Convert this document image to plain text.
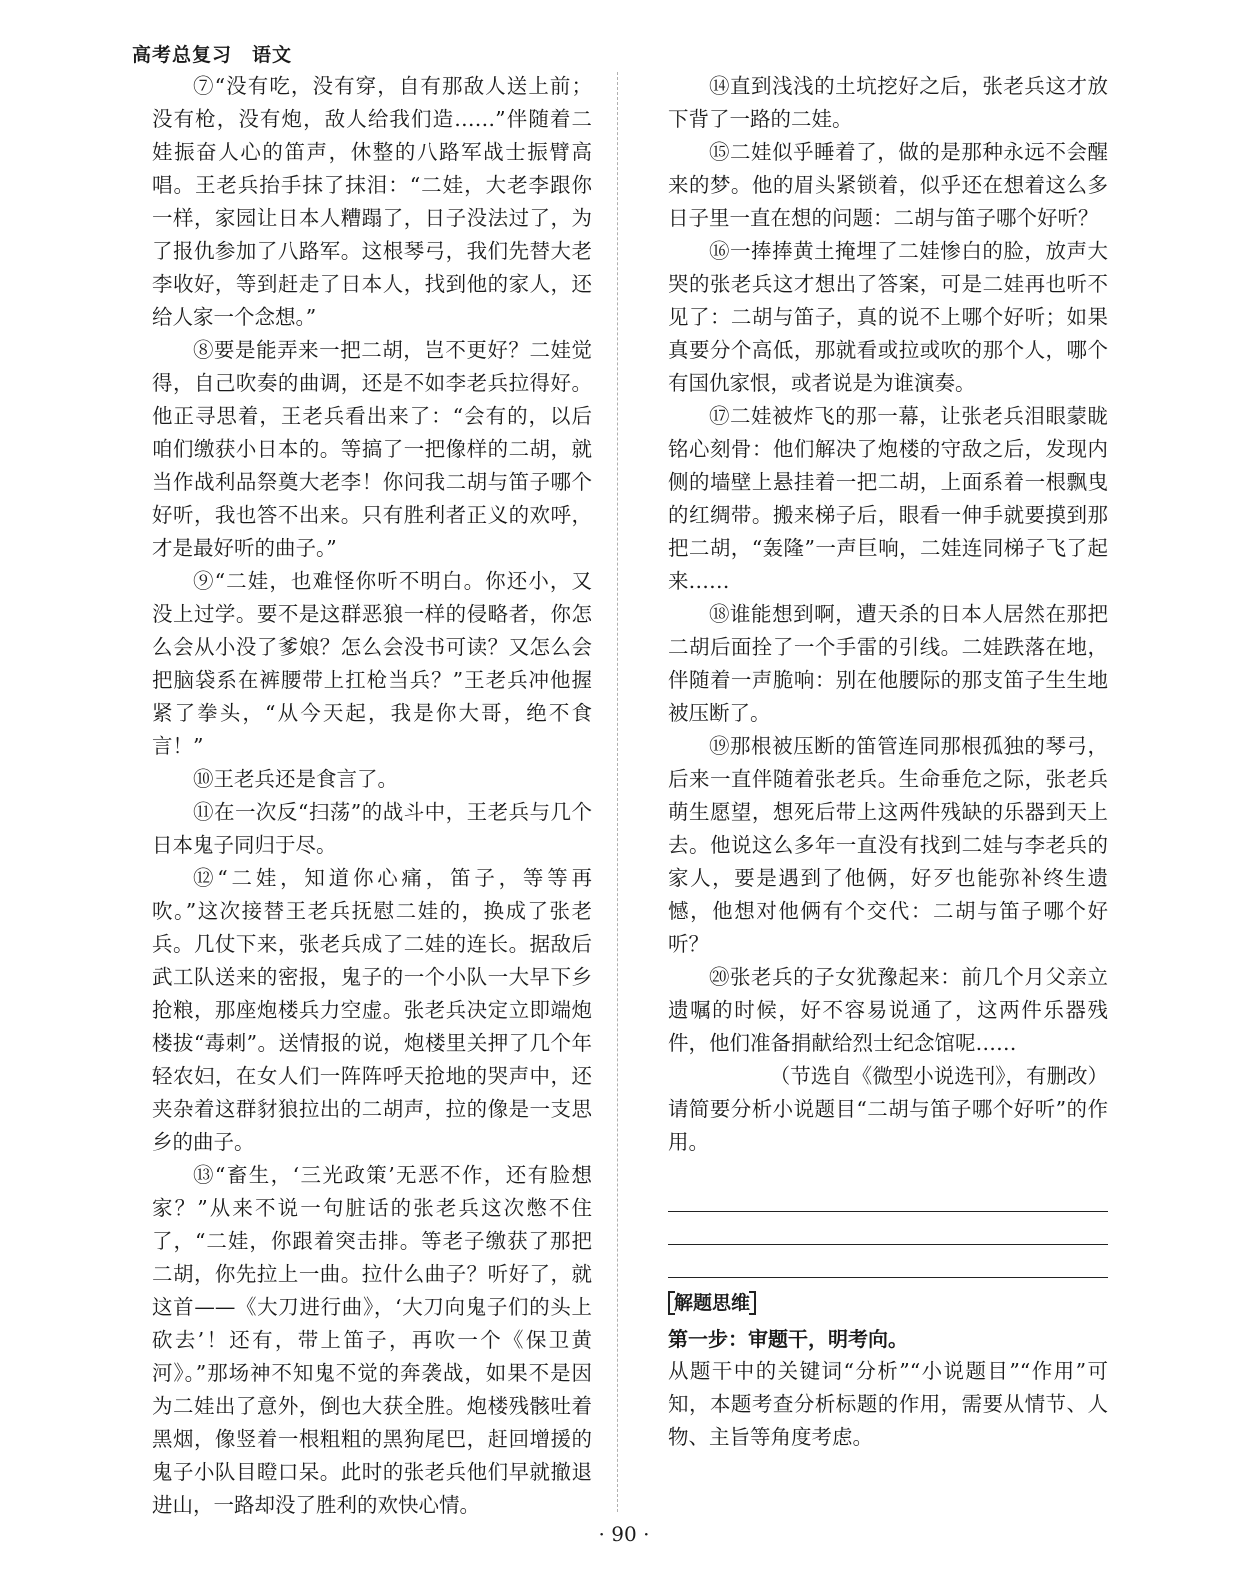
高考总复习　语文

⑦“没有吃，没有穿，自有那敌人送上前；没有枪，没有炮，敌人给我们造……”伴随着二娃振奋人心的笛声，休整的八路军战士振臂高唱。王老兵抬手抹了抹泪：“二娃，大老李跟你一样，家园让日本人糟蹋了，日子没法过了，为了报仇参加了八路军。这根琴弓，我们先替大老李收好，等到赶走了日本人，找到他的家人，还给人家一个念想。”

⑧要是能弄来一把二胡，岂不更好？二娃觉得，自己吹奏的曲调，还是不如李老兵拉得好。他正寻思着，王老兵看出来了：“会有的，以后咱们缴获小日本的。等搞了一把像样的二胡，就当作战利品祭奠大老李！你问我二胡与笛子哪个好听，我也答不出来。只有胜利者正义的欢呼，才是最好听的曲子。”

⑨“二娃，也难怪你听不明白。你还小，又没上过学。要不是这群恶狼一样的侵略者，你怎么会从小没了爹娘？怎么会没书可读？又怎么会把脑袋系在裤腰带上扛枪当兵？”王老兵冲他握紧了拳头，“从今天起，我是你大哥，绝不食言！”

⑩王老兵还是食言了。

⑪在一次反“扫荡”的战斗中，王老兵与几个日本鬼子同归于尽。

⑫“二娃，知道你心痛，笛子，等等再吹。”这次接替王老兵抚慰二娃的，换成了张老兵。几仗下来，张老兵成了二娃的连长。据敌后武工队送来的密报，鬼子的一个小队一大早下乡抢粮，那座炮楼兵力空虚。张老兵决定立即端炮楼拔“毒刺”。送情报的说，炮楼里关押了几个年轻农妇，在女人们一阵阵呼天抢地的哭声中，还夹杂着这群豺狼拉出的二胡声，拉的像是一支思乡的曲子。

⑬“畜生，‘三光政策’无恶不作，还有脸想家？”从来不说一句脏话的张老兵这次憋不住了，“二娃，你跟着突击排。等老子缴获了那把二胡，你先拉上一曲。拉什么曲子？听好了，就这首——《大刀进行曲》，‘大刀向鬼子们的头上砍去’！还有，带上笛子，再吹一个《保卫黄河》。”那场神不知鬼不觉的奔袭战，如果不是因为二娃出了意外，倒也大获全胜。炮楼残骸吐着黑烟，像竖着一根粗粗的黑狗尾巴，赶回增援的鬼子小队目瞪口呆。此时的张老兵他们早就撤退进山，一路却没了胜利的欢快心情。

⑭直到浅浅的土坑挖好之后，张老兵这才放下背了一路的二娃。

⑮二娃似乎睡着了，做的是那种永远不会醒来的梦。他的眉头紧锁着，似乎还在想着这么多日子里一直在想的问题：二胡与笛子哪个好听？

⑯一捧捧黄土掩埋了二娃惨白的脸，放声大哭的张老兵这才想出了答案，可是二娃再也听不见了：二胡与笛子，真的说不上哪个好听；如果真要分个高低，那就看或拉或吹的那个人，哪个有国仇家恨，或者说是为谁演奏。

⑰二娃被炸飞的那一幕，让张老兵泪眼蒙眬铭心刻骨：他们解决了炮楼的守敌之后，发现内侧的墙壁上悬挂着一把二胡，上面系着一根飘曳的红绸带。搬来梯子后，眼看一伸手就要摸到那把二胡，“轰隆”一声巨响，二娃连同梯子飞了起来……

⑱谁能想到啊，遭天杀的日本人居然在那把二胡后面拴了一个手雷的引线。二娃跌落在地，伴随着一声脆响：别在他腰际的那支笛子生生地被压断了。

⑲那根被压断的笛管连同那根孤独的琴弓，后来一直伴随着张老兵。生命垂危之际，张老兵萌生愿望，想死后带上这两件残缺的乐器到天上去。他说这么多年一直没有找到二娃与李老兵的家人，要是遇到了他俩，好歹也能弥补终生遗憾，他想对他俩有个交代：二胡与笛子哪个好听？

⑳张老兵的子女犹豫起来：前几个月父亲立遗嘱的时候，好不容易说通了，这两件乐器残件，他们准备捐献给烈士纪念馆呢……

（节选自《微型小说选刊》，有删改）

请简要分析小说题目“二胡与笛子哪个好听”的作用。

解题思维

第一步：审题干，明考向。

从题干中的关键词“分析”“小说题目”“作用”可知，本题考查分析标题的作用，需要从情节、人物、主旨等角度考虑。

· 90 ·
